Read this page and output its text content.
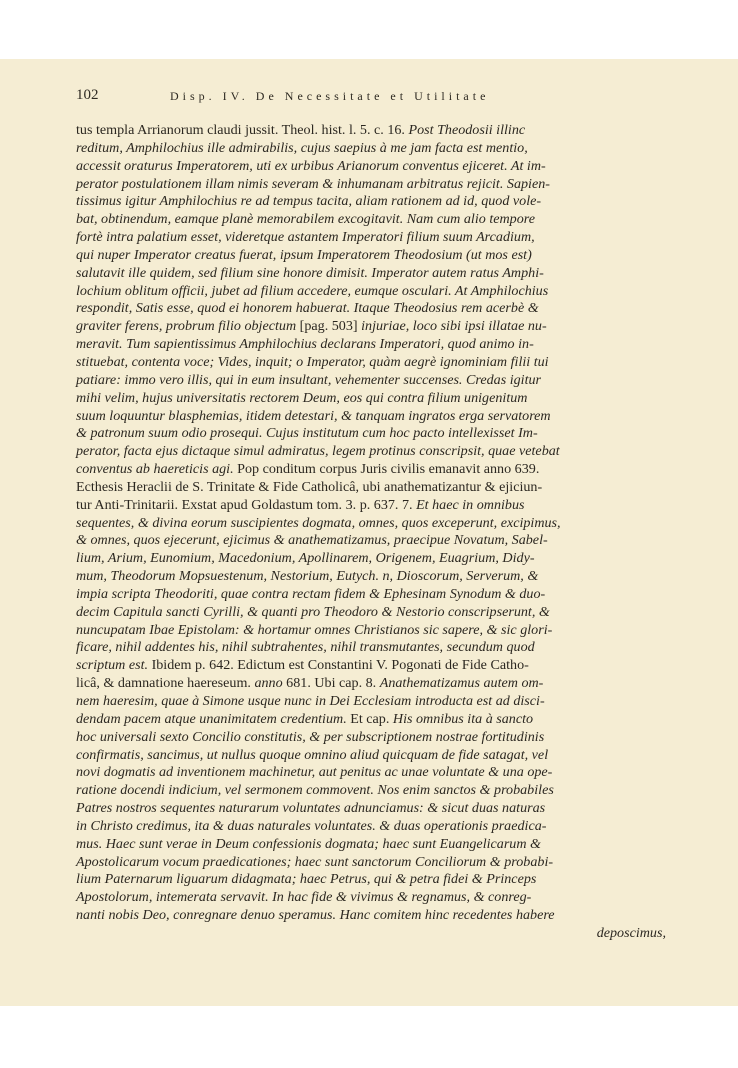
102	Disp. IV. De Necessitate et Utilitate
tus templa Arrianorum claudi jussit. Theol. hist. l. 5. c. 16. Post Theodosii illinc
reditum, Amphilochius ille admirabilis, cujus saepius à me jam facta est mentio,
accessit oraturus Imperatorem, uti ex urbibus Arianorum conventus ejiceret. At im-
perator postulationem illam nimis severam & inhumanam arbitratus rejicit. Sapien-
tissimus igitur Amphilochius re ad tempus tacita, aliam rationem ad id, quod vole-
bat, obtinendum, eamque planè memorabilem excogitavit. Nam cum alio tempore
fortè intra palatium esset, videretque astantem Imperatori filium suum Arcadium,
qui nuper Imperator creatus fuerat, ipsum Imperatorem Theodosium (ut mos est)
salutavit ille quidem, sed filium sine honore dimisit. Imperator autem ratus Amphi-
lochium oblitum officii, jubet ad filium accedere, eumque osculari. At Amphilochius
respondit, Satis esse, quod ei honorem habuerat. Itaque Theodosius rem acerbè &
graviter ferens, probrum filio objectum [pag. 503] injuriae, loco sibi ipsi illatae nu-
meravit. Tum sapientissimus Amphilochius declarans Imperatori, quod animo in-
stituebat, contenta voce; Vides, inquit; o Imperator, quàm aegrè ignominiam filii tui
patiare: immo vero illis, qui in eum insultant, vehementer succenses. Credas igitur
mihi velim, hujus universitatis rectorem Deum, eos qui contra filium unigenitum
suum loquuntur blasphemias, itidem detestari, & tanquam ingratos erga servatorem
& patronum suum odio prosequi. Cujus institutum cum hoc pacto intellexisset Im-
perator, facta ejus dictaque simul admiratus, legem protinus conscripsit, quae vetebat
conventus ab haereticis agi. Pop conditum corpus Juris civilis emanavit anno 639.
Ecthesis Heraclii de S. Trinitate & Fide Catholicâ, ubi anathematizantur & ejiciun-
tur Anti-Trinitarii. Exstat apud Goldastum tom. 3. p. 637. 7. Et haec in omnibus
sequentes, & divina eorum suscipientes dogmata, omnes, quos exceperunt, excipimus,
& omnes, quos ejecerunt, ejicimus & anathematizamus, praecipue Novatum, Sabel-
lium, Arium, Eunomium, Macedonium, Apollinarem, Origenem, Euagrium, Didy-
mum, Theodorum Mopsuestenum, Nestorium, Eutych. n, Dioscorum, Serverum, &
impia scripta Theodoriti, quae contra rectam fidem & Ephesinam Synodum & duo-
decim Capitula sancti Cyrilli, & quanti pro Theodoro & Nestorio conscripserunt, &
nuncupatam Ibae Epistolam: & hortamur omnes Christianos sic sapere, & sic glori-
ficare, nihil addentes his, nihil subtrahentes, nihil transmutantes, secundum quod
scriptum est. Ibidem p. 642. Edictum est Constantini V. Pogonati de Fide Catho-
licâ, & damnatione haereseum. anno 681. Ubi cap. 8. Anathematizamus autem om-
nem haeresim, quae à Simone usque nunc in Dei Ecclesiam introducta est ad disci-
dendam pacem atque unanimitatem credentium. Et cap. His omnibus ita à sancto
hoc universali sexto Concilio constitutis, & per subscriptionem nostrae fortitudinis
confirmatis, sancimus, ut nullus quoque omnino aliud quicquam de fide satagat, vel
novi dogmatis ad inventionem machinetur, aut penitus ac unae voluntate & una ope-
ratione docendi indicium, vel sermonem commovent. Nos enim sanctos & probabiles
Patres nostros sequentes naturarum voluntates adnunciamus: & sicut duas naturas
in Christo credimus, ita & duas naturales voluntates. & duas operationis praedica-
mus. Haec sunt verae in Deum confessionis dogmata; haec sunt Euangelicarum &
Apostolicarum vocum praedicationes; haec sunt sanctorum Conciliorum & probabi-
lium Paternarum liguarum didagmata; haec Petrus, qui & petra fidei & Princeps
Apostolorum, intemerata servavit. In hac fide & vivimus & regnamus, & conreg-
nanti nobis Deo, conregnare denuo speramus. Hanc comitem hinc recedentes habere
deposcimus,
